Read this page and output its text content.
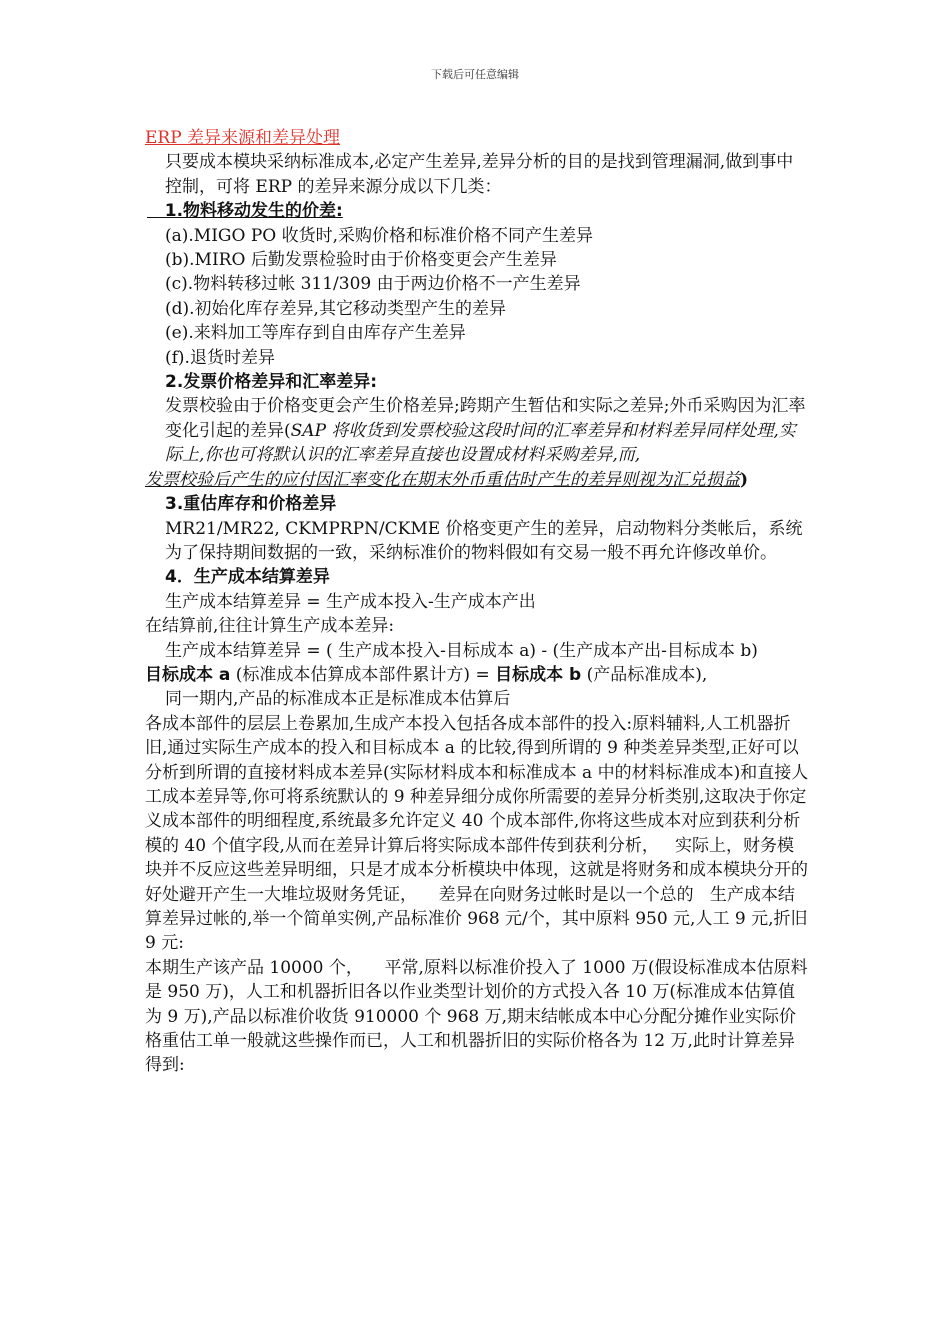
下载后可任意编辑

ERP 差异来源和差异处理

只要成本模块采纳标准成本,必定产生差异,差异分析的目的是找到管理漏洞,做到事中控制，可将 ERP 的差异来源分成以下几类：

1.物料移动发生的价差:

(a).MIGO PO 收货时,采购价格和标准价格不同产生差异

(b).MIRO 后勤发票检验时由于价格变更会产生差异

(c).物料转移过帐 311/309 由于两边价格不一产生差异

(d).初始化库存差异,其它移动类型产生的差异

(e).来料加工等库存到自由库存产生差异

(f).退货时差异

2.发票价格差异和汇率差异:

发票校验由于价格变更会产生价格差异;跨期产生暂估和实际之差异;外币采购因为汇率变化引起的差异(SAP 将收货到发票校验这段时间的汇率差异和材料差异同样处理,实际上,你也可将默认识的汇率差异直接也设置成材料采购差异,而,

发票校验后产生的应付因汇率变化在期末外币重估时产生的差异则视为汇兑损益)

3.重估库存和价格差异

MR21/MR22, CKMPRPN/CKME 价格变更产生的差异，启动物料分类帐后，系统为了保持期间数据的一致，采纳标准价的物料假如有交易一般不再允许修改单价。

4．生产成本结算差异

生产成本结算差异 = 生产成本投入-生产成本产出

在结算前,往往计算生产成本差异:

生产成本结算差异 = ( 生产成本投入-目标成本 a) - (生产成本产出-目标成本 b)

目标成本 a (标准成本估算成本部件累计方) = 目标成本 b (产品标准成本),

同一期内,产品的标准成本正是标准成本估算后

各成本部件的层层上卷累加,生成产本投入包括各成本部件的投入:原料辅料,人工机器折旧,通过实际生产成本的投入和目标成本 a 的比较,得到所谓的 9 种类差异类型,正好可以分析到所谓的直接材料成本差异(实际材料成本和标准成本 a 中的材料标准成本)和直接人工成本差异等,你可将系统默认的 9 种差异细分成你所需要的差异分析类别,这取决于你定义成本部件的明细程度,系统最多允许定义 40 个成本部件,你将这些成本对应到获利分析模的 40 个值字段,从而在差异计算后将实际成本部件传到获利分析，   实际上，财务模块并不反应这些差异明细，只是才成本分析模块中体现，这就是将财务和成本模块分开的好处避开产生一大堆垃圾财务凭证，    差异在向财务过帐时是以一个总的   生产成本结算差异过帐的,举一个简单实例,产品标准价 968 元/个，其中原料 950 元,人工 9 元,折旧 9 元:

本期生产该产品 10000 个，    平常,原料以标准价投入了 1000 万(假设标准成本估原料是 950 万)，人工和机器折旧各以作业类型计划价的方式投入各 10 万(标准成本估算值为 9 万),产品以标准价收货 910000 个 968 万,期末结帐成本中心分配分摊作业实际价格重估工单一般就这些操作而已，人工和机器折旧的实际价格各为 12 万,此时计算差异得到:
